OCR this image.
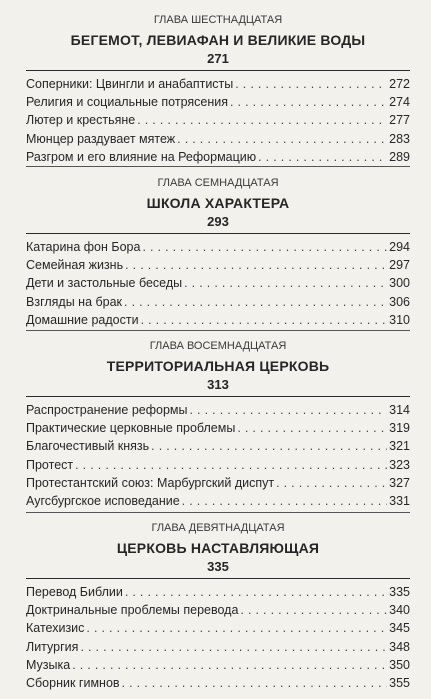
ГЛАВА ШЕСТНАДЦАТАЯ
БЕГЕМОТ, ЛЕВИАФАН И ВЕЛИКИЕ ВОДЫ
271
Соперники: Цвингли и анабаптисты . . .	272
Религия и социальные потрясения . . .	274
Лютер и крестьяне . . .	277
Мюнцер раздувает мятеж . . .	283
Разгром и его влияние на Реформацию . . .	289
ГЛАВА СЕМНАДЦАТАЯ
ШКОЛА ХАРАКТЕРА
293
Катарина фон Бора . . .	294
Семейная жизнь . . .	297
Дети и застольные беседы . . .	300
Взгляды на брак . . .	306
Домашние радости . . .	310
ГЛАВА ВОСЕМНАДЦАТАЯ
ТЕРРИТОРИАЛЬНАЯ ЦЕРКОВЬ
313
Распространение реформы . . .	314
Практические церковные проблемы . . .	319
Благочестивый князь . . .	321
Протест . . .	323
Протестантский союз: Марбургский диспут . . .	327
Аугсбургское исповедание . . .	331
ГЛАВА ДЕВЯТНАДЦАТАЯ
ЦЕРКОВЬ НАСТАВЛЯЮЩАЯ
335
Перевод Библии . . .	335
Доктринальные проблемы перевода . . .	340
Катехизис . . .	345
Литургия . . .	348
Музыка . . .	350
Сборник гимнов . . .	355
